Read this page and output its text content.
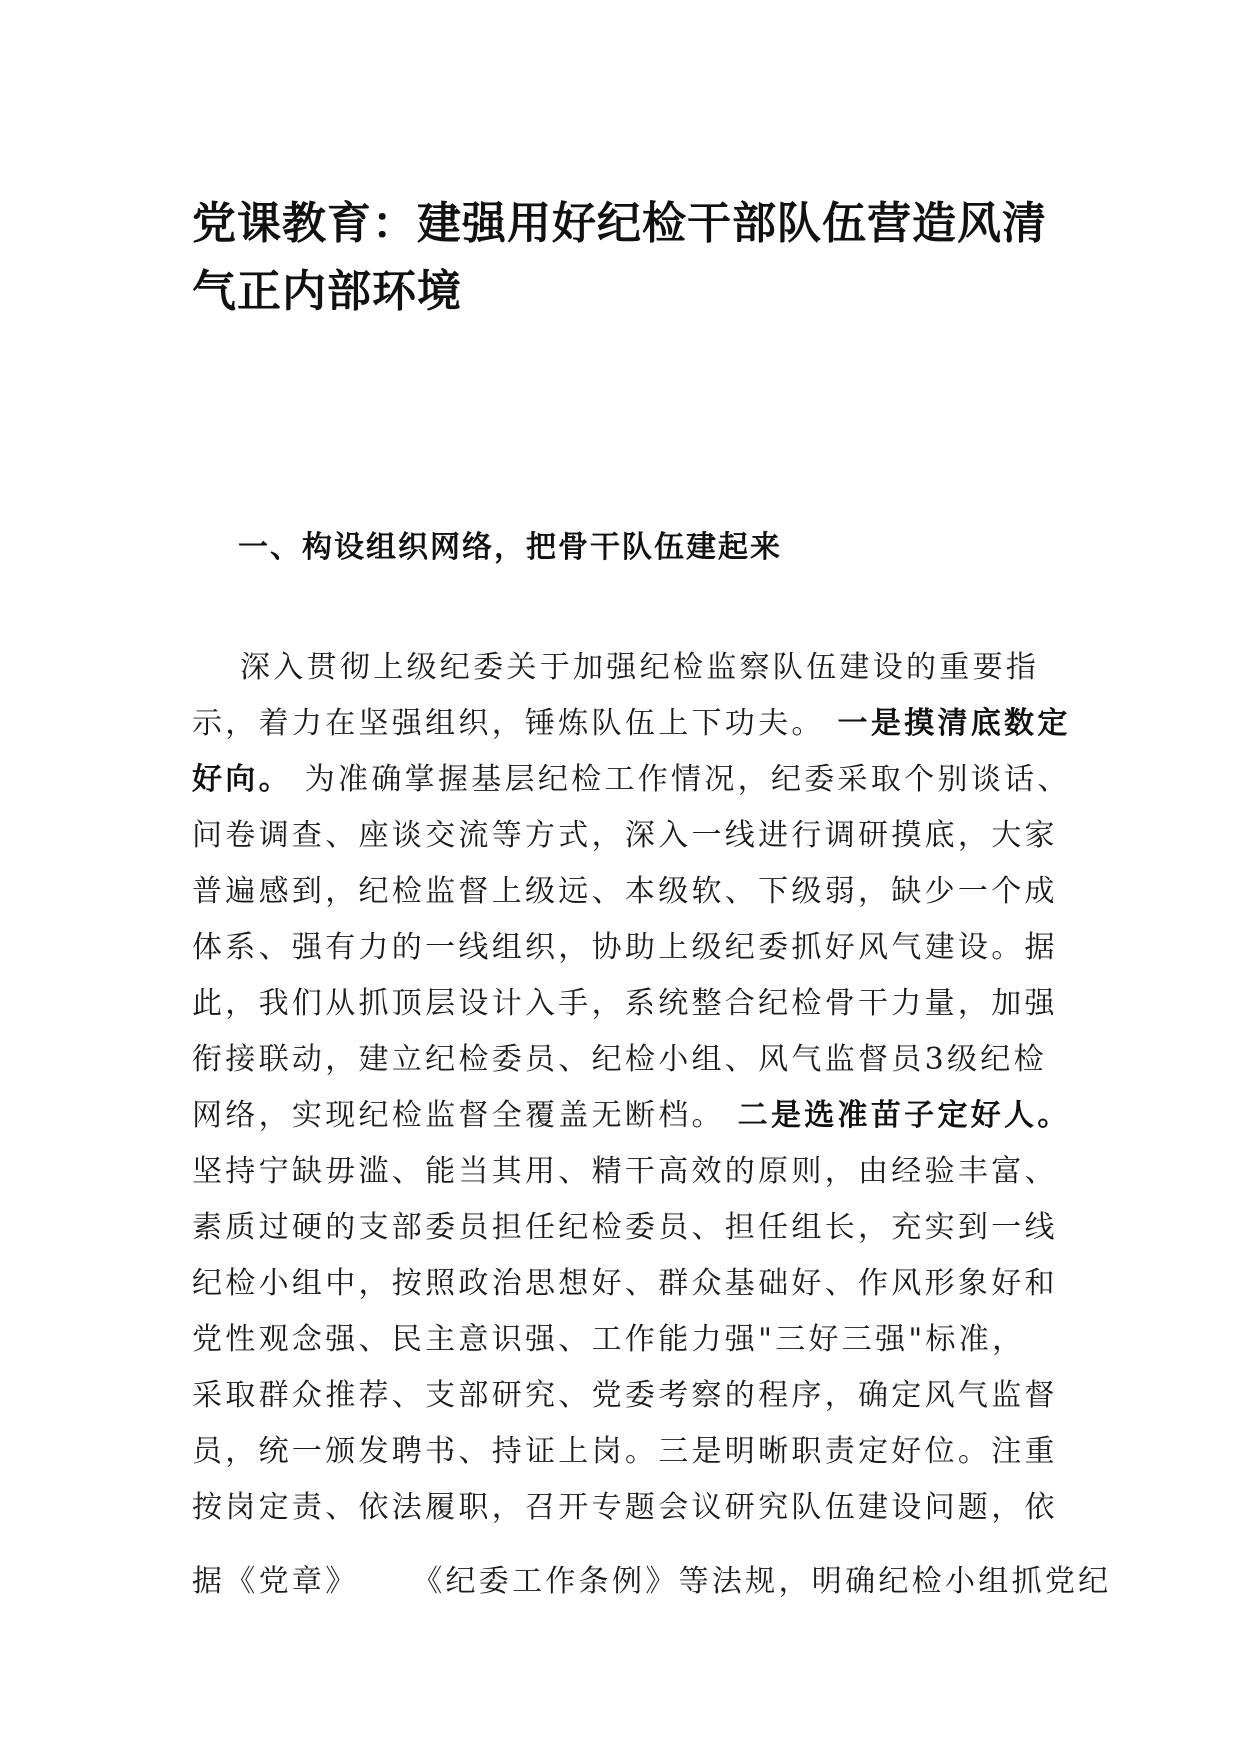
党课教育：建强用好纪检干部队伍营造风清
气正内部环境
一、构设组织网络，把骨干队伍建起来
深入贯彻上级纪委关于加强纪检监察队伍建设的重要指
示，着力在坚强组织，锤炼队伍上下功夫。 一是摸清底数定
好向。 为准确掌握基层纪检工作情况，纪委采取个别谈话、
问卷调查、座谈交流等方式，深入一线进行调研摸底，大家
普遍感到，纪检监督上级远、本级软、下级弱，缺少一个成
体系、强有力的一线组织，协助上级纪委抓好风气建设。据
此，我们从抓顶层设计入手，系统整合纪检骨干力量，加强
衔接联动，建立纪检委员、纪检小组、风气监督员3级纪检
网络，实现纪检监督全覆盖无断档。 二是选准苗子定好人。
坚持宁缺毋滥、能当其用、精干高效的原则，由经验丰富、
素质过硬的支部委员担任纪检委员、担任组长，充实到一线
纪检小组中，按照政治思想好、群众基础好、作风形象好和
党性观念强、民主意识强、工作能力强"三好三强"标准，
采取群众推荐、支部研究、党委考察的程序，确定风气监督
员，统一颁发聘书、持证上岗。三是明晰职责定好位。注重
按岗定责、依法履职，召开专题会议研究队伍建设问题，依
据《党章》 《纪委工作条例》等法规，明确纪检小组抓党纪
